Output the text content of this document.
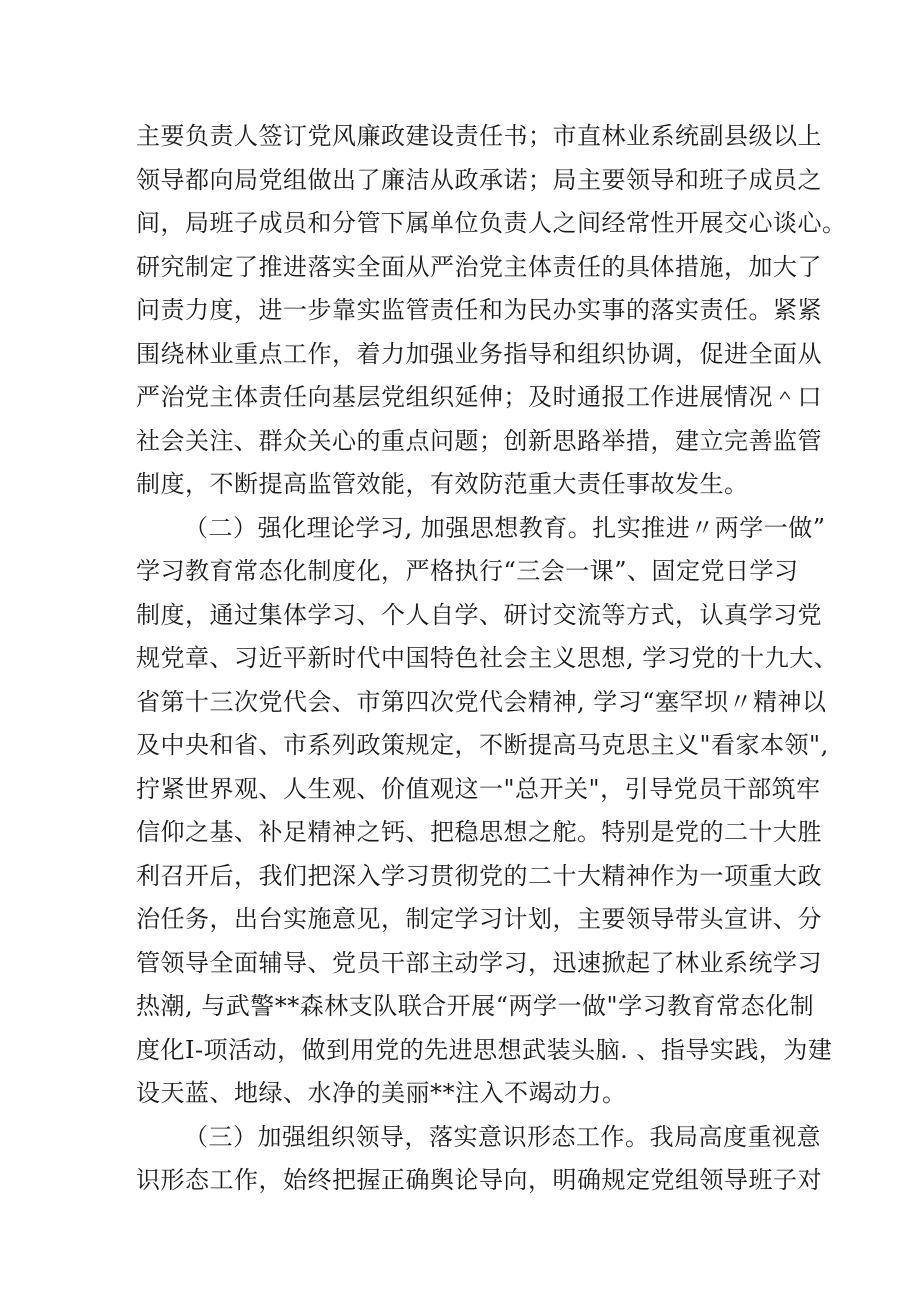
主要负责人签订党风廉政建设责任书；市直林业系统副县级以上
领导都向局党组做出了廉洁从政承诺；局主要领导和班子成员之
间，局班子成员和分管下属单位负责人之间经常性开展交心谈心。
研究制定了推进落实全面从严治党主体责任的具体措施，加大了
问责力度，进一步靠实监管责任和为民办实事的落实责任。紧紧
围绕林业重点工作，着力加强业务指导和组织协调，促进全面从
严治党主体责任向基层党组织延伸；及时通报工作进展情况＾口
社会关注、群众关心的重点问题；创新思路举措，建立完善监管
制度，不断提高监管效能，有效防范重大责任事故发生。
（二）强化理论学习, 加强思想教育。扎实推进〃两学一做”
学习教育常态化制度化，严格执行“三会一课”、固定党日学习
制度，通过集体学习、个人自学、研讨交流等方式，认真学习党
规党章、习近平新时代中国特色社会主义思想, 学习党的十九大、
省第十三次党代会、市第四次党代会精神, 学习“塞罕坝〃精神以
及中央和省、市系列政策规定，不断提高马克思主义"看家本领",
拧紧世界观、人生观、价值观这一"总开关"，引导党员干部筑牢
信仰之基、补足精神之钙、把稳思想之舵。特别是党的二十大胜
利召开后，我们把深入学习贯彻党的二十大精神作为一项重大政
治任务，出台实施意见，制定学习计划，主要领导带头宣讲、分
管领导全面辅导、党员干部主动学习，迅速掀起了林业系统学习
热潮, 与武警**森林支队联合开展“两学一做"学习教育常态化制
度化I-项活动，做到用党的先进思想武装头脑. 、指导实践，为建
设天蓝、地绿、水净的美丽**注入不竭动力。
（三）加强组织领导，落实意识形态工作。我局高度重视意
识形态工作，始终把握正确舆论导向，明确规定党组领导班子对
